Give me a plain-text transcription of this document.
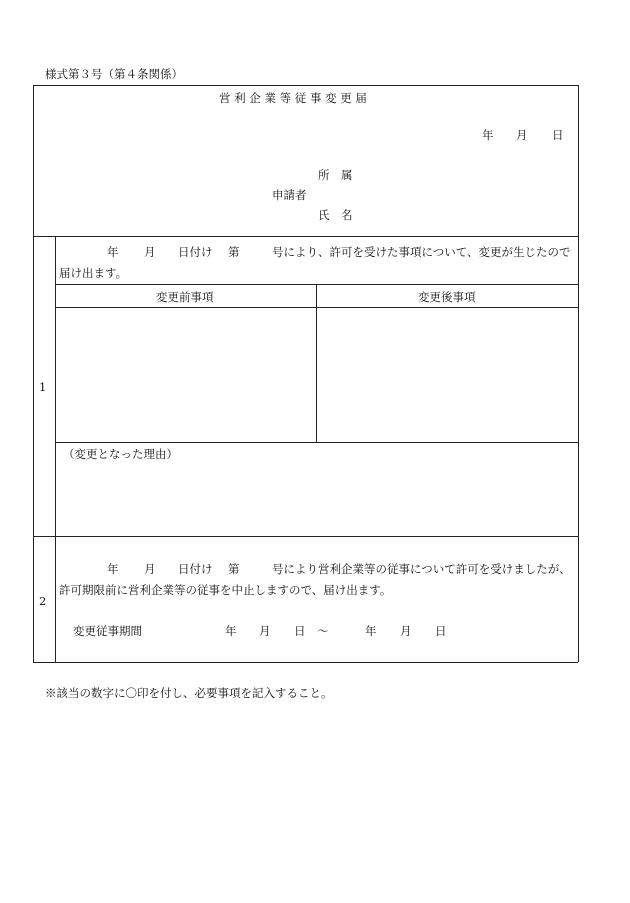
様式第３号（第４条関係）
営 利 企 業 等 従 事 変 更 届
年 月 日
所　属
申請者
氏　名
1
年 月 日付け 第	号により、許可を受けた事項について、変更が生じたので
届け出ます。
変更前事項	変更後事項
（変更となった理由）
2
年 月 日付け 第	号により営利企業等の従事について許可を受けましたが、
許可期限前に営利企業等の従事を中止しますので、届け出ます。
変更従事期間	年 月 日 ～	年 月 日
※該当の数字に〇印を付し、必要事項を記入すること。
